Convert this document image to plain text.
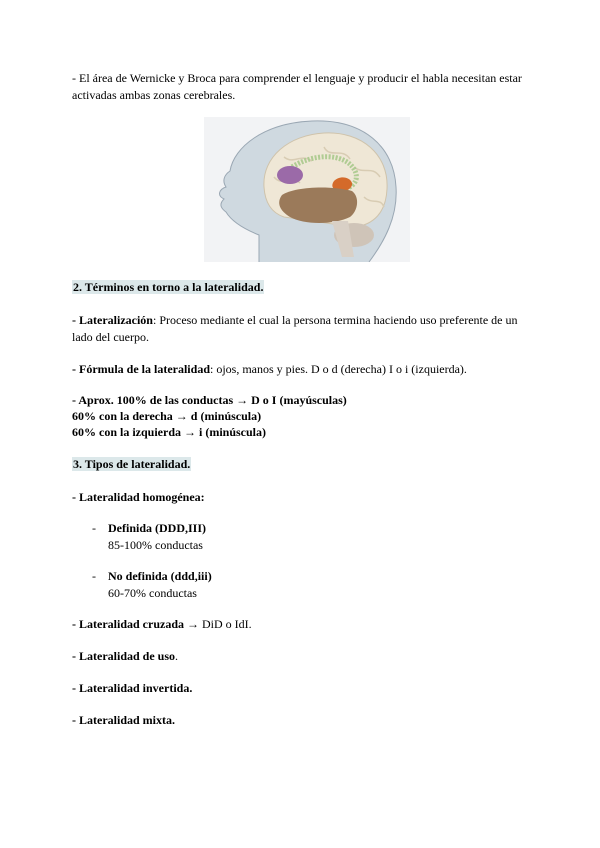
- El área de Wernicke y Broca para comprender el lenguaje y producir el habla necesitan estar activadas ambas zonas cerebrales.

2. Términos en torno a la lateralidad.

- Lateralización: Proceso mediante el cual la persona termina haciendo uso preferente de un lado del cuerpo.

- Fórmula de la lateralidad: ojos, manos y pies. D o d (derecha) I o i (izquierda).

- Aprox. 100% de las conductas → D o I (mayúsculas)

60% con la derecha → d (minúscula)

60% con la izquierda → i (minúscula)

3. Tipos de lateralidad.

- Lateralidad homogénea:

- Definida (DDD,III)
85-100% conductas
- No definida (ddd,iii)
60-70% conductas

- Lateralidad cruzada → DiD o IdI.

- Lateralidad de uso.

- Lateralidad invertida.

- Lateralidad mixta.
